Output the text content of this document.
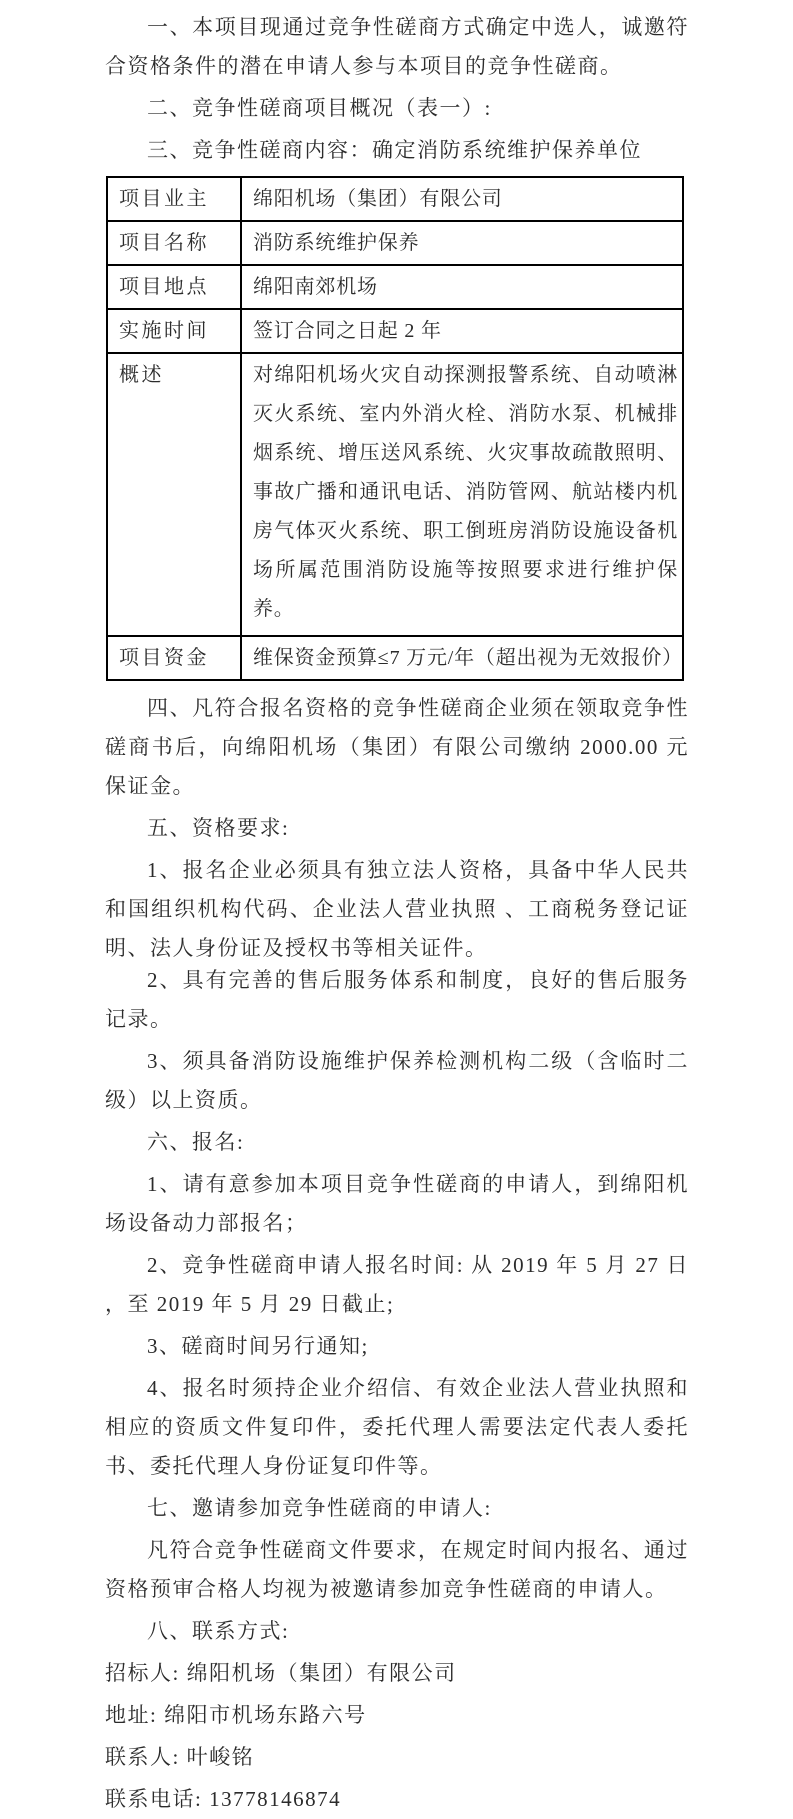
一、本项目现通过竞争性磋商方式确定中选人，诚邀符合资格条件的潜在申请人参与本项目的竞争性磋商。

二、竞争性磋商项目概况（表一）:

三、竞争性磋商内容：确定消防系统维护保养单位

项目业主	绵阳机场（集团）有限公司
项目名称	消防系统维护保养
项目地点	绵阳南郊机场
实施时间	签订合同之日起 2 年
概述	对绵阳机场火灾自动探测报警系统、自动喷淋灭火系统、室内外消火栓、消防水泵、机械排烟系统、增压送风系统、火灾事故疏散照明、事故广播和通讯电话、消防管网、航站楼内机房气体灭火系统、职工倒班房消防设施设备机场所属范围消防设施等按照要求进行维护保养。
项目资金	维保资金预算≤7 万元/年（超出视为无效报价）

四、凡符合报名资格的竞争性磋商企业须在领取竞争性磋商书后，向绵阳机场（集团）有限公司缴纳 2000.00 元保证金。

五、资格要求:

1、报名企业必须具有独立法人资格，具备中华人民共和国组织机构代码、企业法人营业执照 、工商税务登记证明、法人身份证及授权书等相关证件。

2、具有完善的售后服务体系和制度，良好的售后服务记录。

3、须具备消防设施维护保养检测机构二级（含临时二级）以上资质。

六、报名:

1、请有意参加本项目竞争性磋商的申请人，到绵阳机场设备动力部报名；

2、竞争性磋商申请人报名时间: 从 2019 年 5 月 27 日 ，至 2019 年 5 月 29 日截止;

3、磋商时间另行通知;

4、报名时须持企业介绍信、有效企业法人营业执照和相应的资质文件复印件，委托代理人需要法定代表人委托书、委托代理人身份证复印件等。

七、邀请参加竞争性磋商的申请人:

凡符合竞争性磋商文件要求，在规定时间内报名、通过资格预审合格人均视为被邀请参加竞争性磋商的申请人。

八、联系方式:

招标人: 绵阳机场（集团）有限公司

地址: 绵阳市机场东路六号

联系人: 叶峻铭

联系电话: 13778146874
